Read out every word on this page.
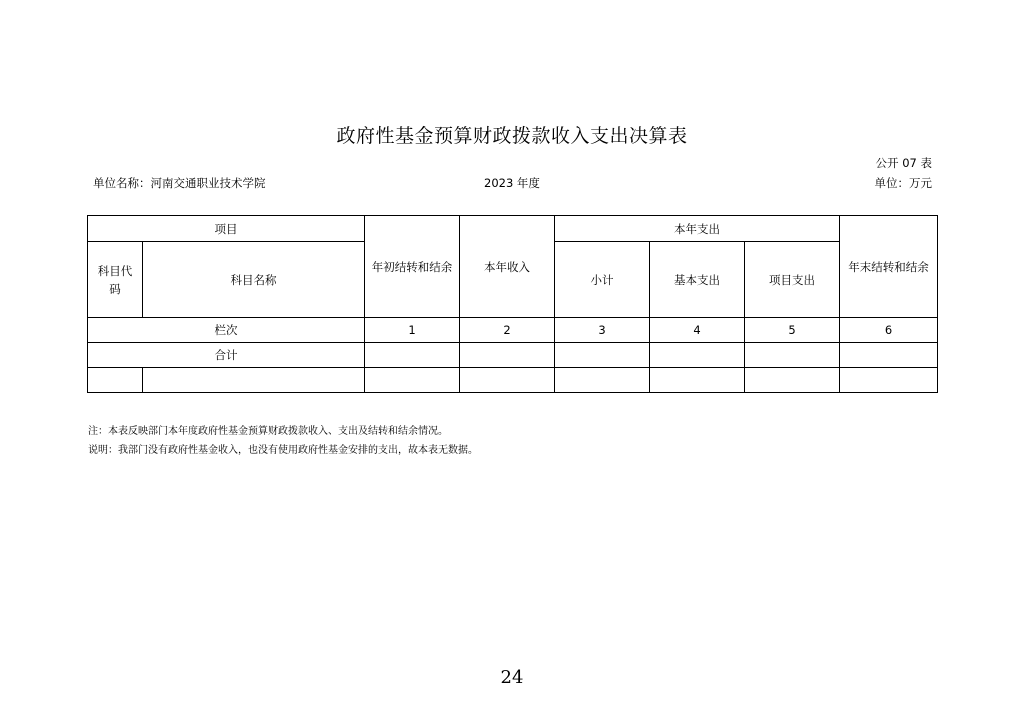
政府性基金预算财政拨款收入支出决算表
公开 07 表
单位名称：河南交通职业技术学院	2023 年度	单位：万元
项目		年初结转和结余	本年收入	本年支出			年末结转和结余

科目代码	科目名称			小计	基本支出	项目支出	
栏次		1	2	3	4	5	6
合计							

注：本表反映部门本年度政府性基金预算财政拨款收入、支出及结转和结余情况。
说明：我部门没有政府性基金收入，也没有使用政府性基金安排的支出，故本表无数据。
24
